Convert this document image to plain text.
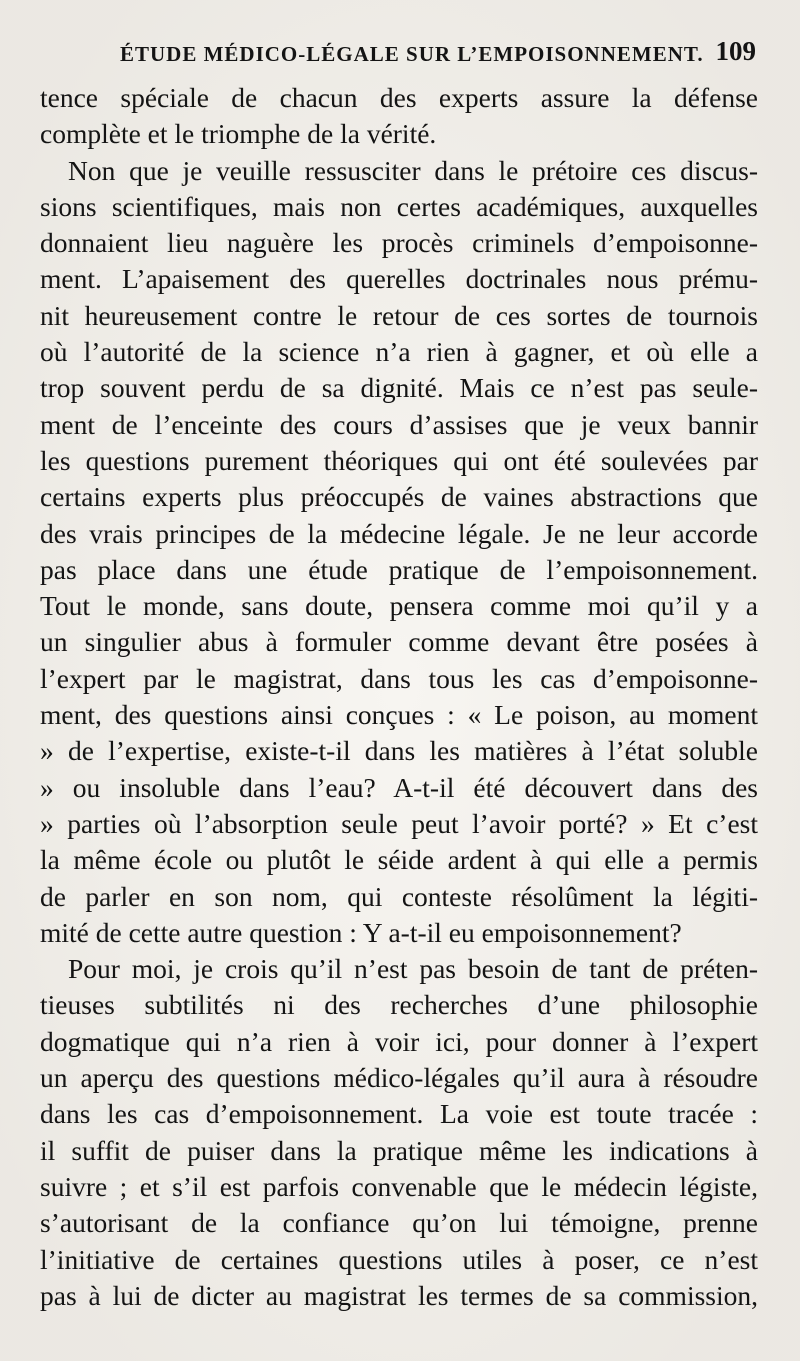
ÉTUDE MÉDICO-LÉGALE SUR L’EMPOISONNEMENT. 109
tence spéciale de chacun des experts assure la défense
complète et le triomphe de la vérité.
Non que je veuille ressusciter dans le prétoire ces discus-
sions scientifiques, mais non certes académiques, auxquelles
donnaient lieu naguère les procès criminels d’empoisonne-
ment. L’apaisement des querelles doctrinales nous prému-
nit heureusement contre le retour de ces sortes de tournois
où l’autorité de la science n’a rien à gagner, et où elle a
trop souvent perdu de sa dignité. Mais ce n’est pas seule-
ment de l’enceinte des cours d’assises que je veux bannir
les questions purement théoriques qui ont été soulevées par
certains experts plus préoccupés de vaines abstractions que
des vrais principes de la médecine légale. Je ne leur accorde
pas place dans une étude pratique de l’empoisonnement.
Tout le monde, sans doute, pensera comme moi qu’il y a
un singulier abus à formuler comme devant être posées à
l’expert par le magistrat, dans tous les cas d’empoisonne-
ment, des questions ainsi conçues : « Le poison, au moment
» de l’expertise, existe-t-il dans les matières à l’état soluble
» ou insoluble dans l’eau? A-t-il été découvert dans des
» parties où l’absorption seule peut l’avoir porté? » Et c’est
la même école ou plutôt le séide ardent à qui elle a permis
de parler en son nom, qui conteste résolûment la légiti-
mité de cette autre question : Y a-t-il eu empoisonnement?
Pour moi, je crois qu’il n’est pas besoin de tant de préten-
tieuses subtilités ni des recherches d’une philosophie
dogmatique qui n’a rien à voir ici, pour donner à l’expert
un aperçu des questions médico-légales qu’il aura à résoudre
dans les cas d’empoisonnement. La voie est toute tracée :
il suffit de puiser dans la pratique même les indications à
suivre ; et s’il est parfois convenable que le médecin légiste,
s’autorisant de la confiance qu’on lui témoigne, prenne
l’initiative de certaines questions utiles à poser, ce n’est
pas à lui de dicter au magistrat les termes de sa commission,
